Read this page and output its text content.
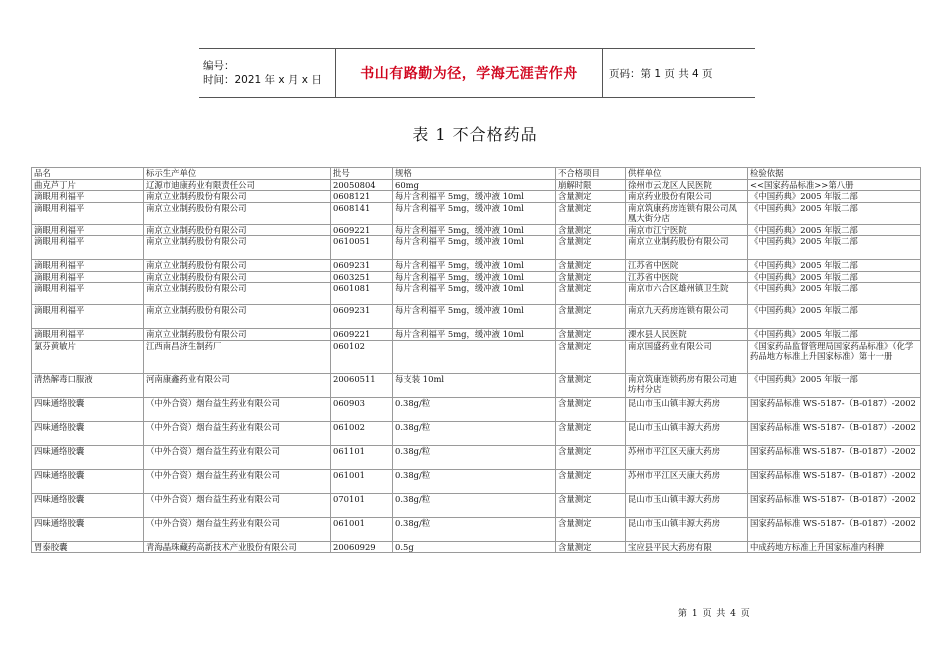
编号：
时间：2021 年 x 月 x 日	书山有路勤为径，学海无涯苦作舟	页码：第 1 页 共 4 页
表 1 不合格药品
品名	标示生产单位	批号	规格	不合格项目	供样单位	检验依据
曲克芦丁片	辽源市迪康药业有限责任公司	20050804	60mg	崩解时限	徐州市云龙区人民医院	<<国家药品标准>>第八册
滴眼用利福平	南京立业制药股份有限公司	0608121	每片含利福平 5mg，缓冲液 10ml	含量测定	南京药业股份有限公司	《中国药典》2005 年版二部
滴眼用利福平	南京立业制药股份有限公司	0608141	每片含利福平 5mg，缓冲液 10ml	含量测定	南京筑康药房连锁有限公司凤凰大街分店	《中国药典》2005 年版二部
滴眼用利福平	南京立业制药股份有限公司	0609221	每片含利福平 5mg，缓冲液 10ml	含量测定	南京市江宁医院	《中国药典》2005 年版二部
滴眼用利福平	南京立业制药股份有限公司	0610051	每片含利福平 5mg，缓冲液 10ml	含量测定	南京立业制药股份有限公司	《中国药典》2005 年版二部
滴眼用利福平	南京立业制药股份有限公司	0609231	每片含利福平 5mg，缓冲液 10ml	含量测定	江苏省中医院	《中国药典》2005 年版二部
滴眼用利福平	南京立业制药股份有限公司	0603251	每片含利福平 5mg，缓冲液 10ml	含量测定	江苏省中医院	《中国药典》2005 年版二部
滴眼用利福平	南京立业制药股份有限公司	0601081	每片含利福平 5mg，缓冲液 10ml	含量测定	南京市六合区雄州镇卫生院	《中国药典》2005 年版二部
滴眼用利福平	南京立业制药股份有限公司	0609231	每片含利福平 5mg，缓冲液 10ml	含量测定	南京九天药房连锁有限公司	《中国药典》2005 年版二部
滴眼用利福平	南京立业制药股份有限公司	0609221	每片含利福平 5mg，缓冲液 10ml	含量测定	溧水县人民医院	《中国药典》2005 年版二部
氯芬黄敏片	江西南昌济生制药厂	060102		含量测定	南京国盛药业有限公司	《国家药品监督管理局国家药品标准》（化学药品地方标准上升国家标准）第十一册
清热解毒口服液	河南康鑫药业有限公司	20060511	每支装 10ml	含量测定	南京筑康连锁药房有限公司迪坊村分店	《中国药典》2005 年版一部
四味通络胶囊	（中外合资）烟台益生药业有限公司	060903	0.38g/粒	含量测定	昆山市玉山镇丰源大药房	国家药品标准 WS-5187-（B-0187）-2002
四味通络胶囊	（中外合资）烟台益生药业有限公司	061002	0.38g/粒	含量测定	昆山市玉山镇丰源大药房	国家药品标准 WS-5187-（B-0187）-2002
四味通络胶囊	（中外合资）烟台益生药业有限公司	061101	0.38g/粒	含量测定	苏州市平江区天康大药房	国家药品标准 WS-5187-（B-0187）-2002
四味通络胶囊	（中外合资）烟台益生药业有限公司	061001	0.38g/粒	含量测定	苏州市平江区天康大药房	国家药品标准 WS-5187-（B-0187）-2002
四味通络胶囊	（中外合资）烟台益生药业有限公司	070101	0.38g/粒	含量测定	昆山市玉山镇丰源大药房	国家药品标准 WS-5187-（B-0187）-2002
四味通络胶囊	（中外合资）烟台益生药业有限公司	061001	0.38g/粒	含量测定	昆山市玉山镇丰源大药房	国家药品标准 WS-5187-（B-0187）-2002
胃泰胶囊	青海晶珠藏药高新技术产业股份有限公司	20060929	0.5g	含量测定	宝应县平民大药房有限	中成药地方标准上升国家标准内科脾
第 1 页 共 4 页
